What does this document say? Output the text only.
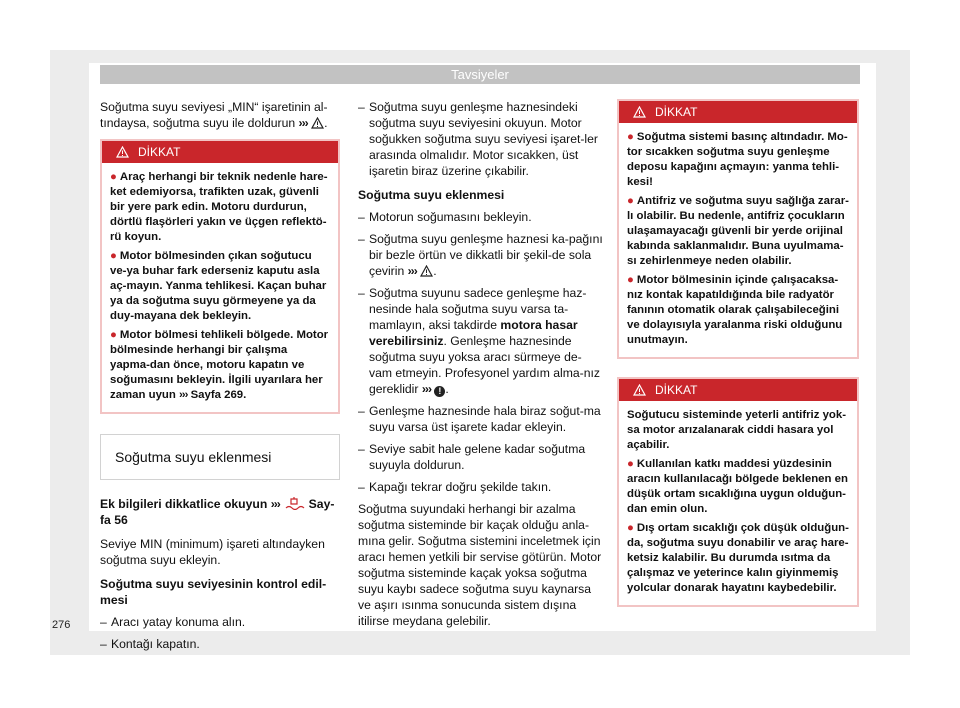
Tavsiyeler

Soğutma suyu seviyesi „MIN“ işaretinin al-tındaysa, soğutma suyu ile doldurun ››› .

DİKKAT

● Araç herhangi bir teknik nedenle hare-ket edemiyorsa, trafikten uzak, güvenli bir yere park edin. Motoru durdurun, dörtlü flaşörleri yakın ve üçgen reflektö-rü koyun.

● Motor bölmesinden çıkan soğutucu ve-ya buhar fark ederseniz kaputu asla aç-mayın. Yanma tehlikesi. Kaçan buhar ya da soğutma suyu görmeyene ya da duy-mayana dek bekleyin.

● Motor bölmesi tehlikeli bölgede. Motor bölmesinde herhangi bir çalışma yapma-dan önce, motoru kapatın ve soğumasını bekleyin. İlgili uyarılara her zaman uyun ››› Sayfa 269.

Soğutma suyu eklenmesi

Ek bilgileri dikkatlice okuyun ››› Say-fa 56

Seviye MIN (minimum) işareti altındayken soğutma suyu ekleyin.

Soğutma suyu seviyesinin kontrol edil-mesi

– Aracı yatay konuma alın.
– Kontağı kapatın.
– Soğutma suyu genleşme haznesindeki soğutma suyu seviyesini okuyun. Motor soğukken soğutma suyu seviyesi işaret-ler arasında olmalıdır. Motor sıcakken, üst işaretin biraz üzerine çıkabilir.

Soğutma suyu eklenmesi

– Motorun soğumasını bekleyin.
– Soğutma suyu genleşme haznesi ka-pağını bir bezle örtün ve dikkatli bir şekil-de sola çevirin ››› .
– Soğutma suyunu sadece genleşme haz-nesinde hala soğutma suyu varsa ta-mamlayın, aksi takdirde motora hasar verebilirsiniz. Genleşme haznesinde soğutma suyu yoksa aracı sürmeye de-vam etmeyin. Profesyonel yardım alma-nız gereklidir ››› ! .
– Genleşme haznesinde hala biraz soğut-ma suyu varsa üst işarete kadar ekleyin.
– Seviye sabit hale gelene kadar soğutma suyuyla doldurun.
– Kapağı tekrar doğru şekilde takın.

Soğutma suyundaki herhangi bir azalma soğutma sisteminde bir kaçak olduğu anla-mına gelir. Soğutma sistemini inceletmek için aracı hemen yetkili bir servise götürün. Motor soğutma sisteminde kaçak yoksa soğutma suyu kaybı sadece soğutma suyu kaynarsa ve aşırı ısınma sonucunda sistem dışına itilirse meydana gelebilir.

DİKKAT

● Soğutma sistemi basınç altındadır. Mo-tor sıcakken soğutma suyu genleşme deposu kapağını açmayın: yanma tehli-kesi!

● Antifriz ve soğutma suyu sağlığa zarar-lı olabilir. Bu nedenle, antifriz çocukların ulaşamayacağı güvenli bir yerde orijinal kabında saklanmalıdır. Buna uyulmama-sı zehirlenmeye neden olabilir.

● Motor bölmesinin içinde çalışacaksa-nız kontak kapatıldığında bile radyatör fanının otomatik olarak çalışabileceğini ve dolayısıyla yaralanma riski olduğunu unutmayın.

DİKKAT

Soğutucu sisteminde yeterli antifriz yok-sa motor arızalanarak ciddi hasara yol açabilir.

● Kullanılan katkı maddesi yüzdesinin aracın kullanılacağı bölgede beklenen en düşük ortam sıcaklığına uygun olduğun-dan emin olun.

● Dış ortam sıcaklığı çok düşük olduğun-da, soğutma suyu donabilir ve araç hare-ketsiz kalabilir. Bu durumda ısıtma da çalışmaz ve yeterince kalın giyinmemiş yolcular donarak hayatını kaybedebilir.

276
